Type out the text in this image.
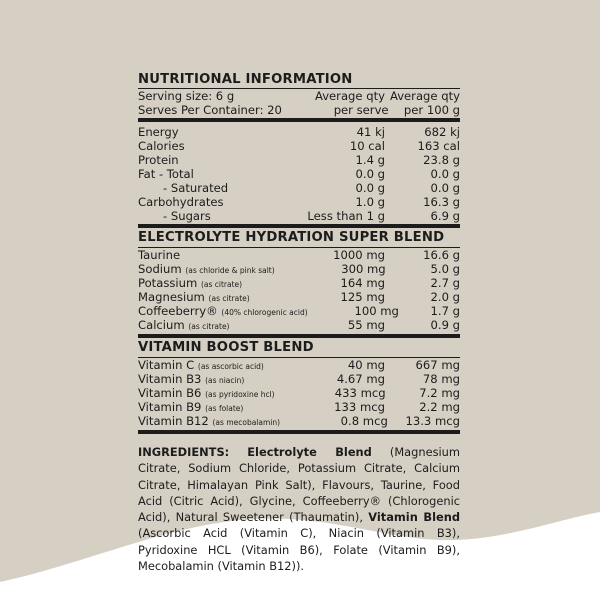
NUTRITIONAL INFORMATION
Serving size: 6 g	Average qty Average qty
Serves Per Container: 20	per serve	per 100 g
Energy	41 kj	682 kj
Calories	10 cal	163 cal
Protein	1.4 g	23.8 g
Fat - Total	0.0 g	0.0 g
- Saturated	0.0 g	0.0 g
Carbohydrates	1.0 g	16.3 g
- Sugars	Less than 1 g	6.9 g
ELECTROLYTE HYDRATION SUPER BLEND
Taurine	1000 mg	16.6 g
Sodium (as chloride & pink salt)	300 mg	5.0 g
Potassium (as citrate)	164 mg	2.7 g
Magnesium (as citrate)	125 mg	2.0 g
Coffeeberry® (40% chlorogenic acid)	100 mg	1.7 g
Calcium (as citrate)	55 mg	0.9 g
VITAMIN BOOST BLEND
Vitamin C (as ascorbic acid)	40 mg	667 mg
Vitamin B3 (as niacin)	4.67 mg	78 mg
Vitamin B6 (as pyridoxine hcl)	433 mcg	7.2 mg
Vitamin B9 (as folate)	133 mcg	2.2 mg
Vitamin B12 (as mecobalamin)	0.8 mcg	13.3 mcg
INGREDIENTS: Electrolyte Blend (Magnesium Citrate, Sodium Chloride, Potassium Citrate, Calcium Citrate, Himalayan Pink Salt), Flavours, Taurine, Food Acid (Citric Acid), Glycine, Coffeeberry® (Chlorogenic Acid), Natural Sweetener (Thaumatin), Vitamin Blend (Ascorbic Acid (Vitamin C), Niacin (Vitamin B3), Pyridoxine HCL (Vitamin B6), Folate (Vitamin B9), Mecobalamin (Vitamin B12)).
